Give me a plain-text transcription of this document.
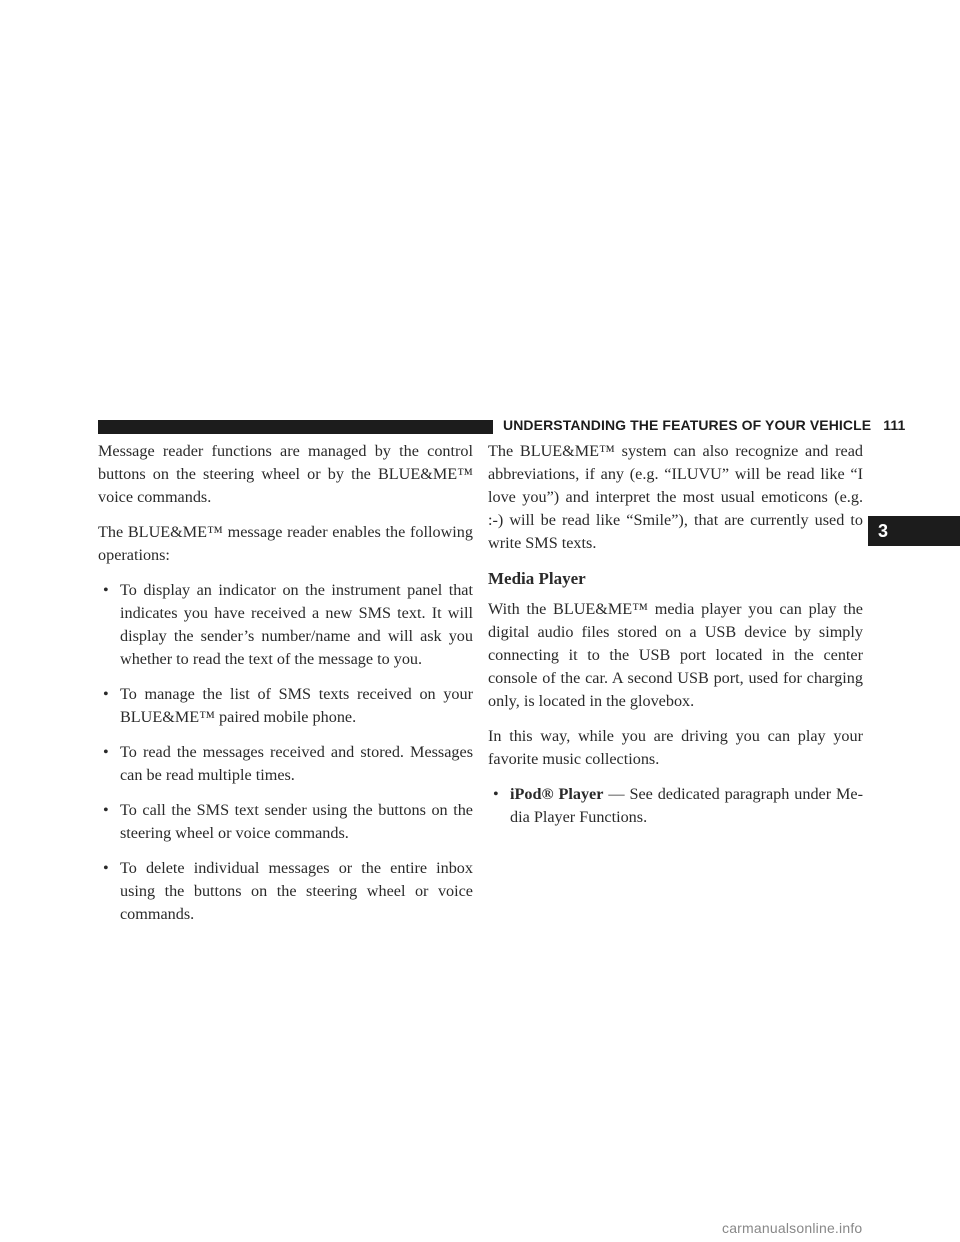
UNDERSTANDING THE FEATURES OF YOUR VEHICLE 111
3

Message reader functions are managed by the control buttons on the steering wheel or by the BLUE&ME™ voice commands.

The BLUE&ME™ message reader enables the following operations:

• To display an indicator on the instrument panel that indicates you have received a new SMS text. It will display the sender’s number/name and will ask you whether to read the text of the message to you.
• To manage the list of SMS texts received on your BLUE&ME™ paired mobile phone.
• To read the messages received and stored. Messages can be read multiple times.
• To call the SMS text sender using the buttons on the steering wheel or voice commands.
• To delete individual messages or the entire inbox using the buttons on the steering wheel or voice commands.

The BLUE&ME™ system can also recognize and read abbreviations, if any (e.g. “ILUVU” will be read like “I love you”) and interpret the most usual emoticons (e.g. :-) will be read like “Smile”), that are currently used to write SMS texts.

Media Player

With the BLUE&ME™ media player you can play the digital audio files stored on a USB device by simply connecting it to the USB port located in the center console of the car. A second USB port, used for charging only, is located in the glovebox.

In this way, while you are driving you can play your favorite music collections.

• iPod® Player — See dedicated paragraph under Me-dia Player Functions.
carmanualsonline.info
